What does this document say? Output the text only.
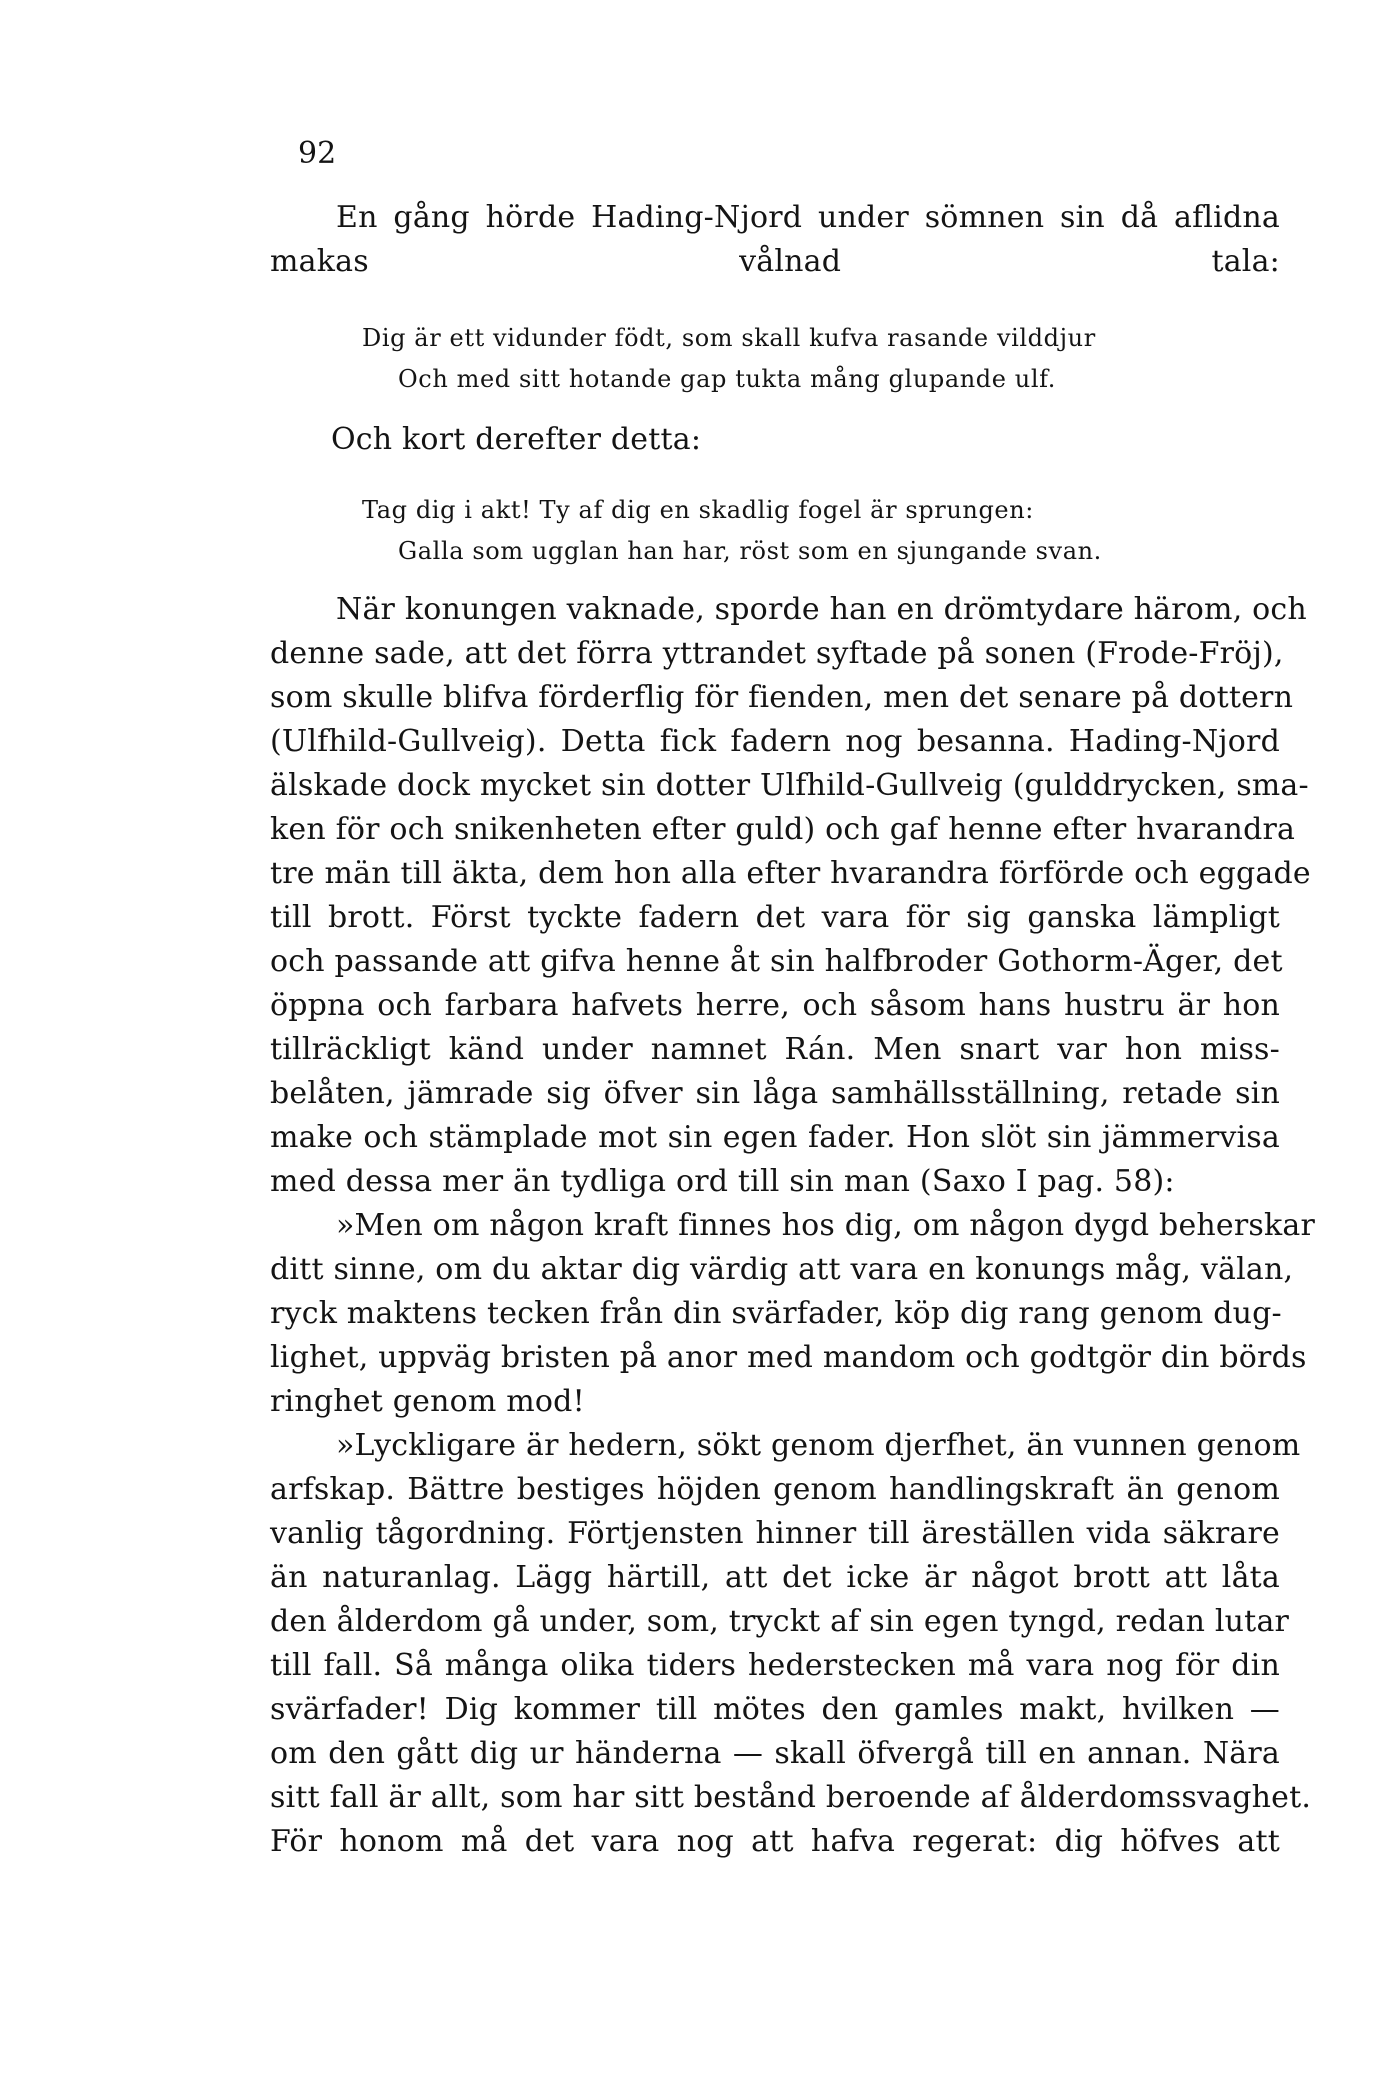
92
En gång hörde Hading-Njord under sömnen sin då aflidna
makas vålnad tala:
Dig är ett vidunder födt, som skall kufva rasande vilddjur
Och med sitt hotande gap tukta mång glupande ulf.
Och kort derefter detta:
Tag dig i akt! Ty af dig en skadlig fogel är sprungen:
Galla som ugglan han har, röst som en sjungande svan.
När konungen vaknade, sporde han en drömtydare härom, och
denne sade, att det förra yttrandet syftade på sonen (Frode-Fröj),
som skulle blifva förderflig för fienden, men det senare på dottern
(Ulfhild-Gullveig). Detta fick fadern nog besanna. Hading-Njord
älskade dock mycket sin dotter Ulfhild-Gullveig (gulddrycken, sma-
ken för och snikenheten efter guld) och gaf henne efter hvarandra
tre män till äkta, dem hon alla efter hvarandra förförde och eggade
till brott. Först tyckte fadern det vara för sig ganska lämpligt
och passande att gifva henne åt sin halfbroder Gothorm-Äger, det
öppna och farbara hafvets herre, och såsom hans hustru är hon
tillräckligt känd under namnet Rán. Men snart var hon miss-
belåten, jämrade sig öfver sin låga samhällsställning, retade sin
make och stämplade mot sin egen fader. Hon slöt sin jämmervisa
med dessa mer än tydliga ord till sin man (Saxo I pag. 58):
»Men om någon kraft finnes hos dig, om någon dygd beherskar
ditt sinne, om du aktar dig värdig att vara en konungs måg, välan,
ryck maktens tecken från din svärfader, köp dig rang genom dug-
lighet, uppväg bristen på anor med mandom och godtgör din börds
ringhet genom mod!
»Lyckligare är hedern, sökt genom djerfhet, än vunnen genom
arfskap. Bättre bestiges höjden genom handlingskraft än genom
vanlig tågordning. Förtjensten hinner till äreställen vida säkrare
än naturanlag. Lägg härtill, att det icke är något brott att låta
den ålderdom gå under, som, tryckt af sin egen tyngd, redan lutar
till fall. Så många olika tiders hederstecken må vara nog för din
svärfader! Dig kommer till mötes den gamles makt, hvilken —
om den gått dig ur händerna — skall öfvergå till en annan. Nära
sitt fall är allt, som har sitt bestånd beroende af ålderdomssvaghet.
För honom må det vara nog att hafva regerat: dig höfves att
